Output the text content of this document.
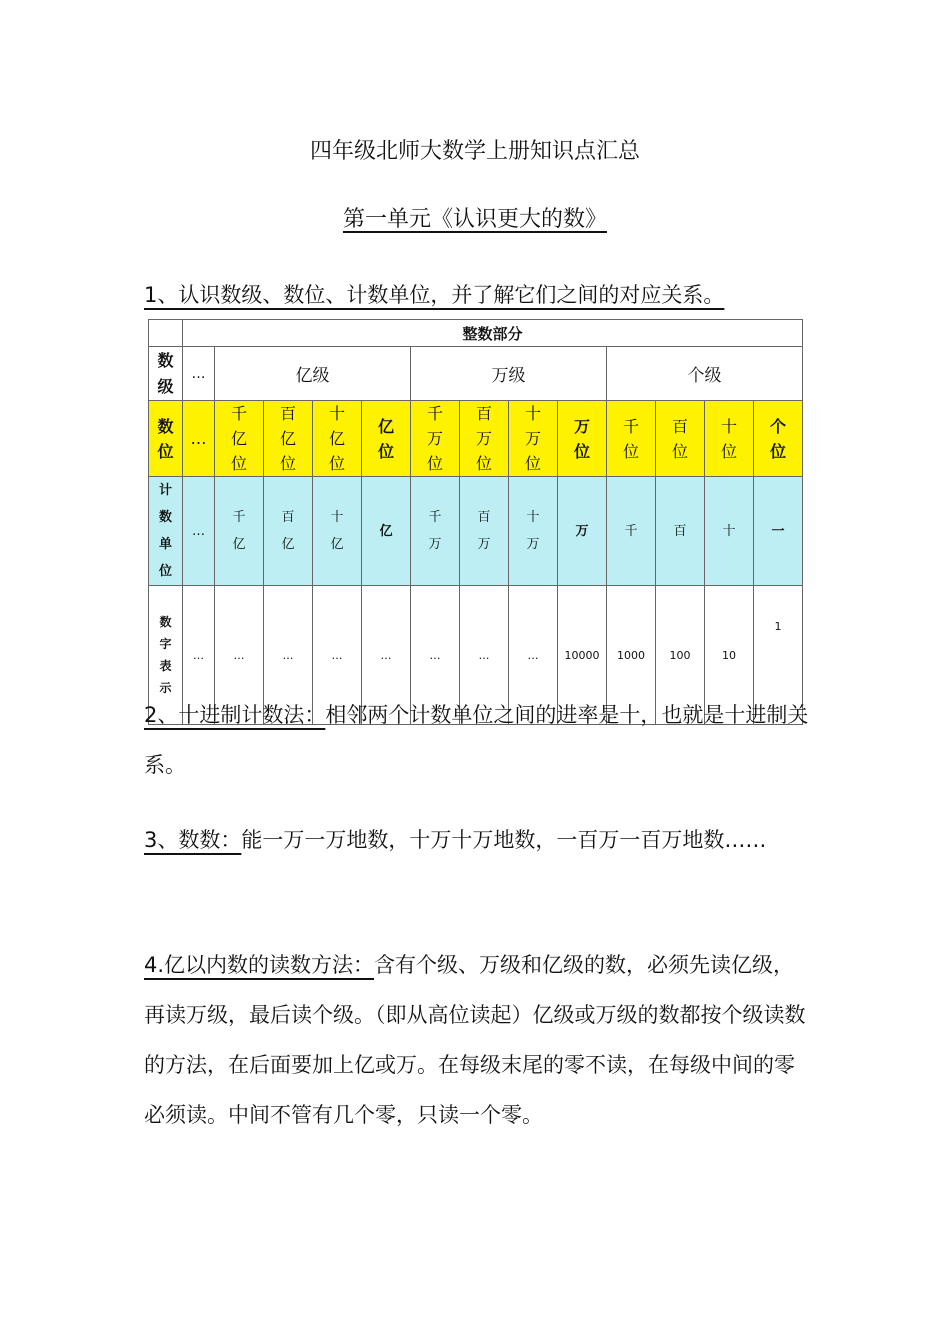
四年级北师大数学上册知识点汇总
第一单元《认识更大的数》
1、认识数级、数位、计数单位，并了解它们之间的对应关系。
	整数部分												

数级	…	亿级				万级				个级			

数位	…	千亿位	百亿位	十亿位	亿位	千万位	百万位	十万位	万位	千位	百位	十位	个位

计数单位	…	千亿	百亿	十亿	亿	千万	百万	十万	万	千	百	十	一

数字表示	…	…	…	…	…	…	…	…	10000	1000	100	10	1
2、十进制计数法：相邻两个计数单位之间的进率是十，也就是十进制关系。
3、数数：能一万一万地数，十万十万地数，一百万一百万地数……
4.亿以内数的读数方法：含有个级、万级和亿级的数，必须先读亿级，再读万级，最后读个级。（即从高位读起）亿级或万级的数都按个级读数的方法，在后面要加上亿或万。在每级末尾的零不读，在每级中间的零必须读。中间不管有几个零，只读一个零。
